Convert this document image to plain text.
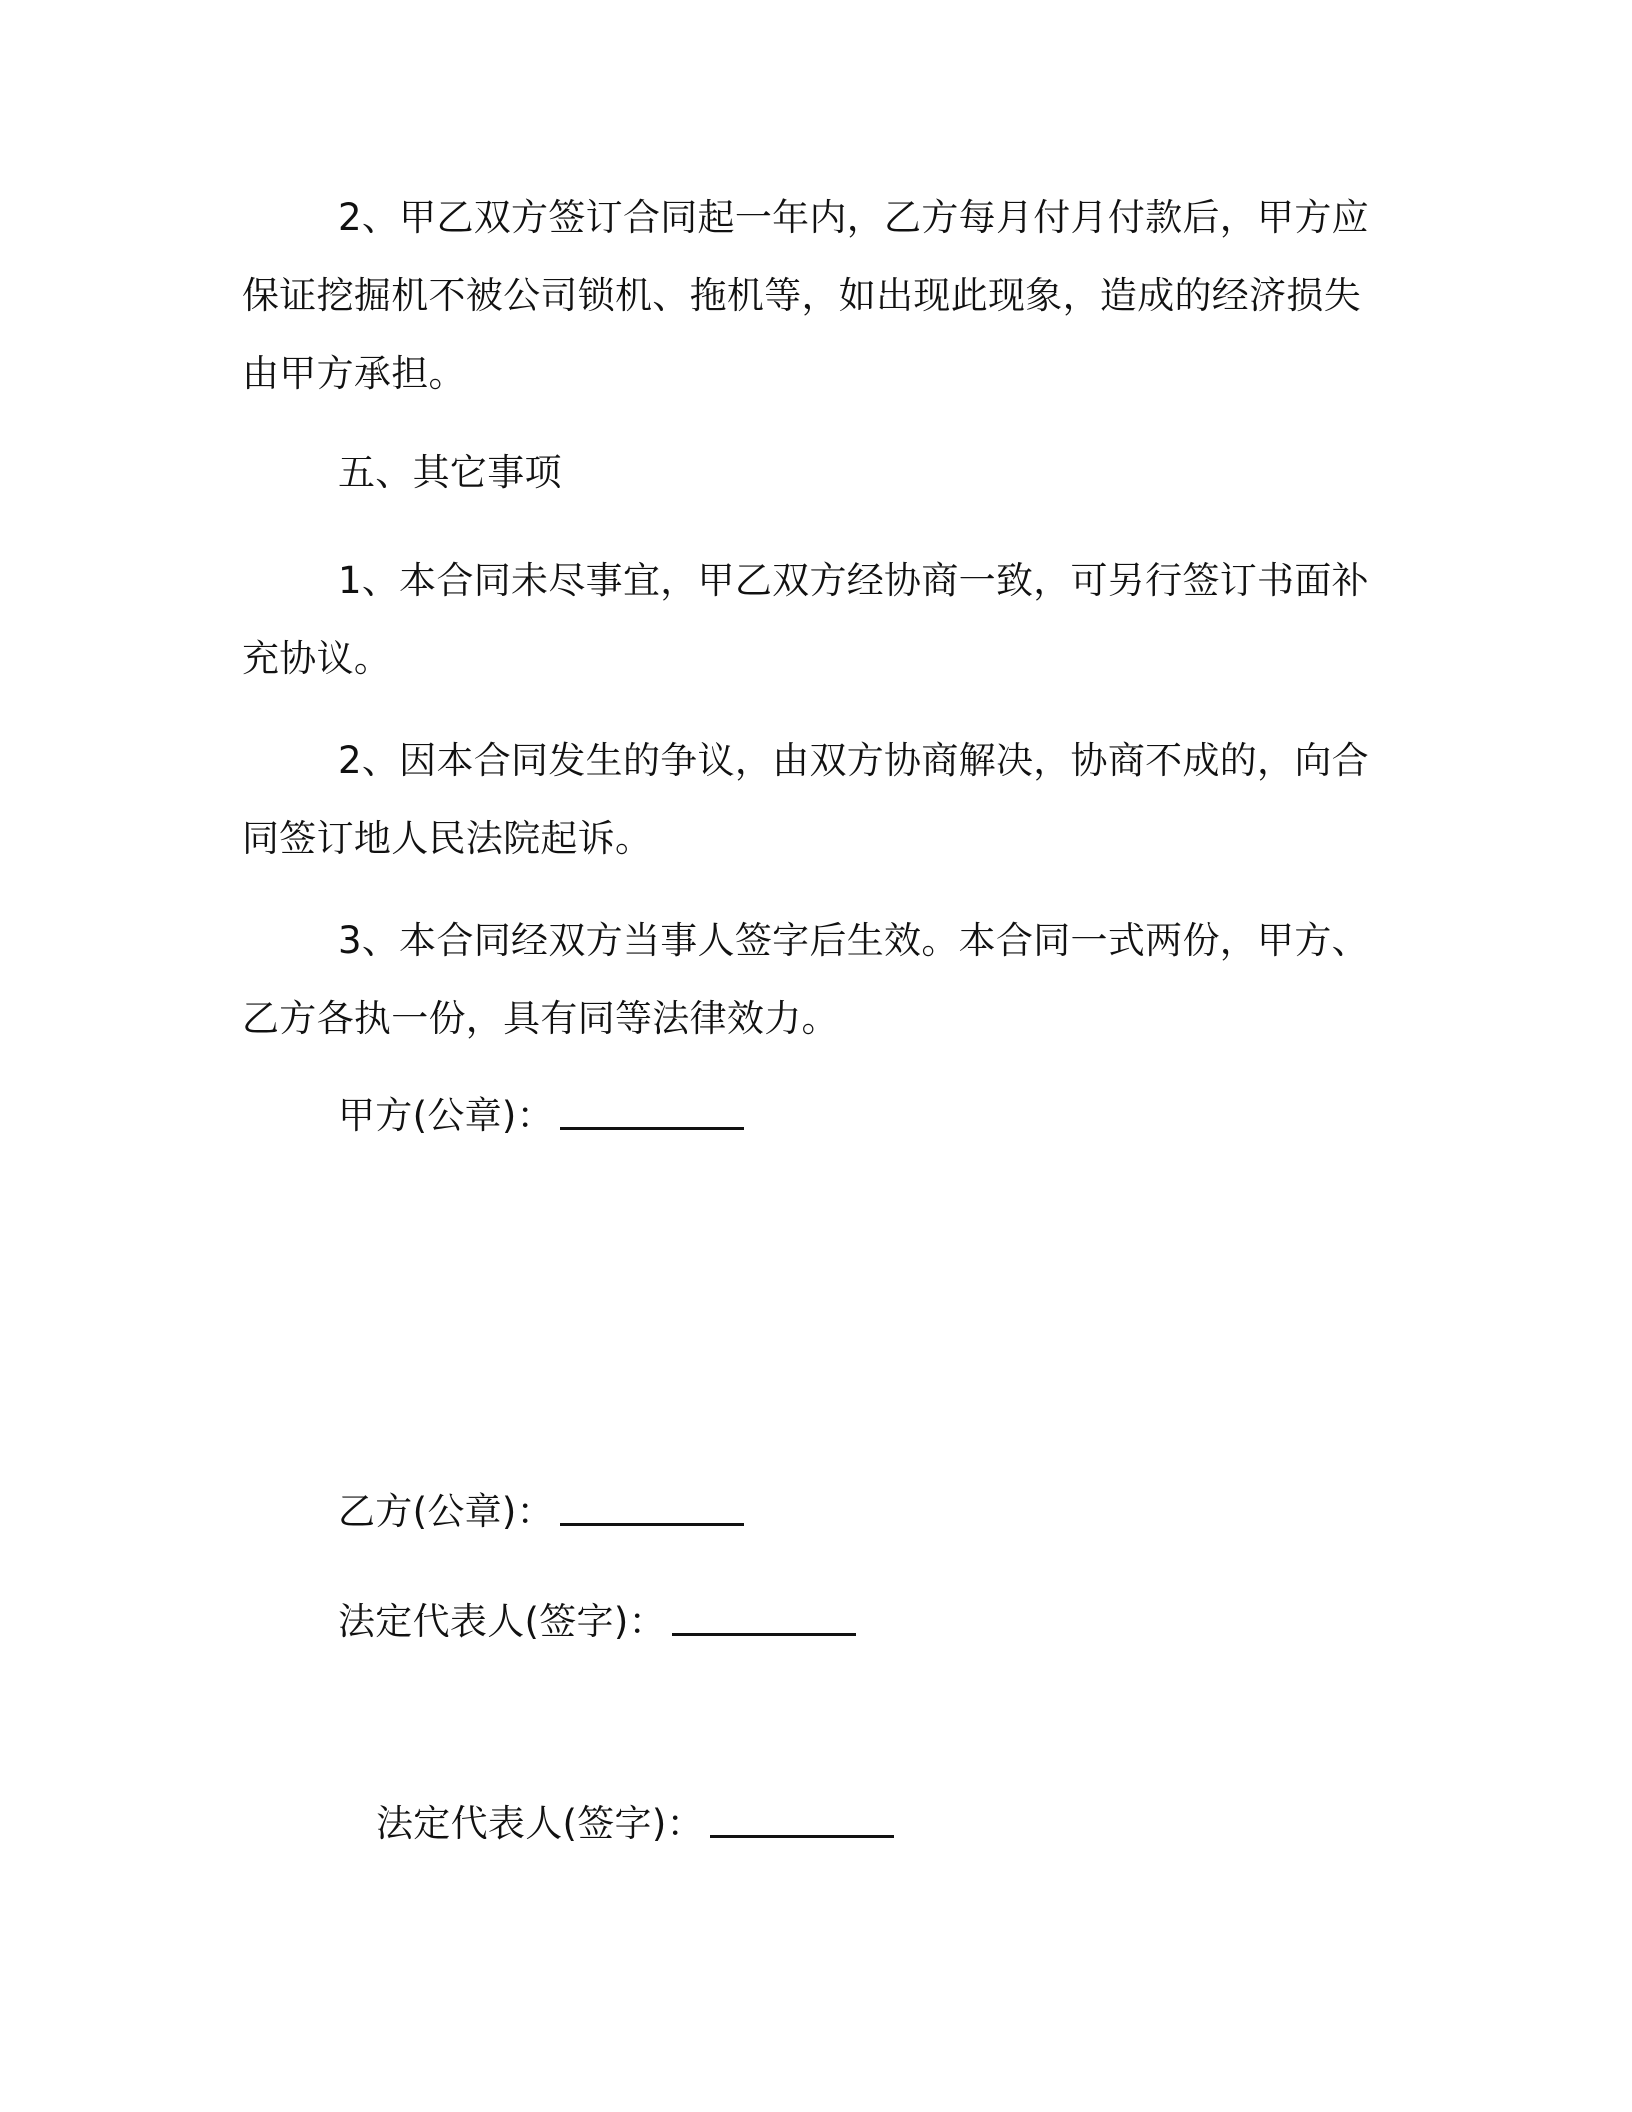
2、甲乙双方签订合同起一年内，乙方每月付月付款后，甲方应保证挖掘机不被公司锁机、拖机等，如出现此现象，造成的经济损失由甲方承担。

五、其它事项

1、本合同未尽事宜，甲乙双方经协商一致，可另行签订书面补充协议。

2、因本合同发生的争议，由双方协商解决，协商不成的，向合同签订地人民法院起诉。

3、本合同经双方当事人签字后生效。本合同一式两份，甲方、乙方各执一份，具有同等法律效力。

甲方(公章)：
乙方(公章)：
法定代表人(签字)：
法定代表人(签字)：
